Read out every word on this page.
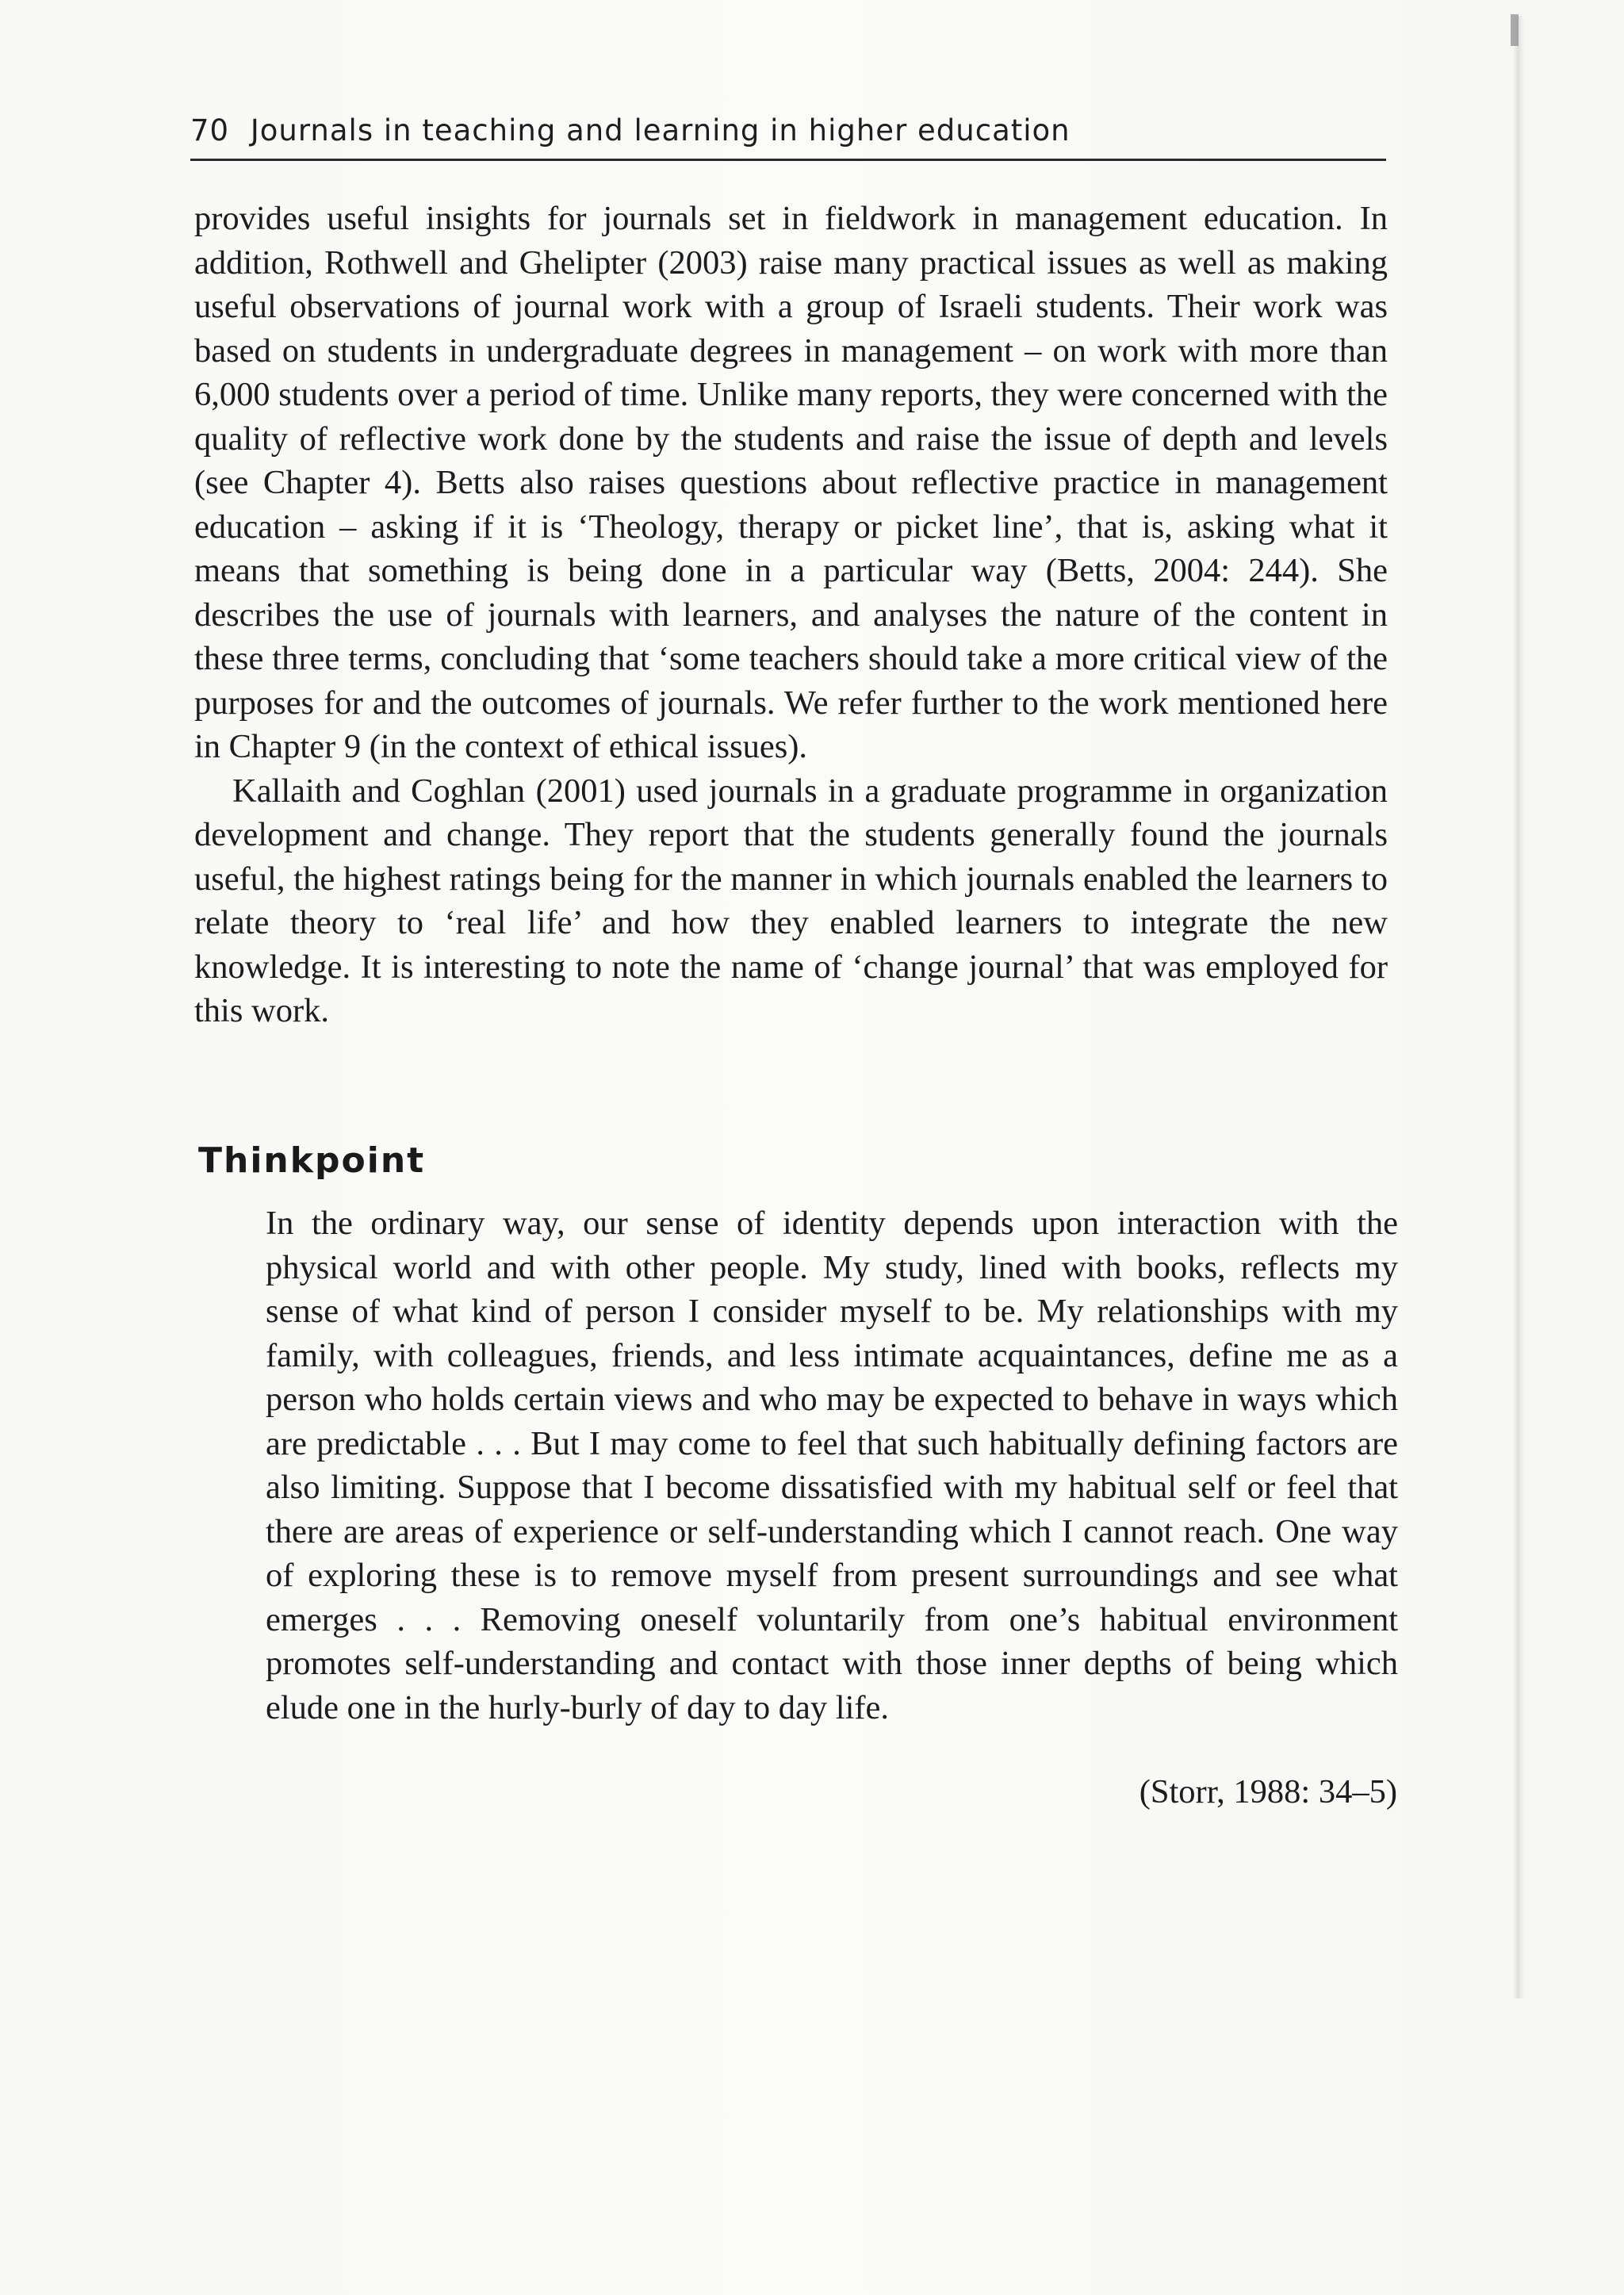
70 Journals in teaching and learning in higher education

provides useful insights for journals set in fieldwork in management education. In addition, Rothwell and Ghelipter (2003) raise many practical issues as well as making useful observations of journal work with a group of Israeli students. Their work was based on students in undergraduate degrees in management – on work with more than 6,000 students over a period of time. Unlike many reports, they were concerned with the quality of reflective work done by the students and raise the issue of depth and levels (see Chapter 4). Betts also raises questions about reflective practice in management education – asking if it is ‘Theology, therapy or picket line’, that is, asking what it means that something is being done in a particular way (Betts, 2004: 244). She describes the use of journals with learners, and analyses the nature of the content in these three terms, concluding that ‘some teachers should take a more critical view of the purposes for and the outcomes of journals. We refer further to the work mentioned here in Chapter 9 (in the context of ethical issues).

Kallaith and Coghlan (2001) used journals in a graduate programme in organization development and change. They report that the students generally found the journals useful, the highest ratings being for the manner in which journals enabled the learners to relate theory to ‘real life’ and how they enabled learners to integrate the new knowledge. It is interesting to note the name of ‘change journal’ that was employed for this work.

Thinkpoint

In the ordinary way, our sense of identity depends upon interaction with the physical world and with other people. My study, lined with books, reflects my sense of what kind of person I consider myself to be. My relationships with my family, with colleagues, friends, and less intimate acquaintances, define me as a person who holds certain views and who may be expected to behave in ways which are predictable . . . But I may come to feel that such habitually defining factors are also limiting. Suppose that I become dissatisfied with my habitual self or feel that there are areas of experience or self-understanding which I cannot reach. One way of exploring these is to remove myself from present surroundings and see what emerges . . . Removing oneself voluntarily from one’s habitual environment promotes self-understanding and contact with those inner depths of being which elude one in the hurly-burly of day to day life.

(Storr, 1988: 34–5)
